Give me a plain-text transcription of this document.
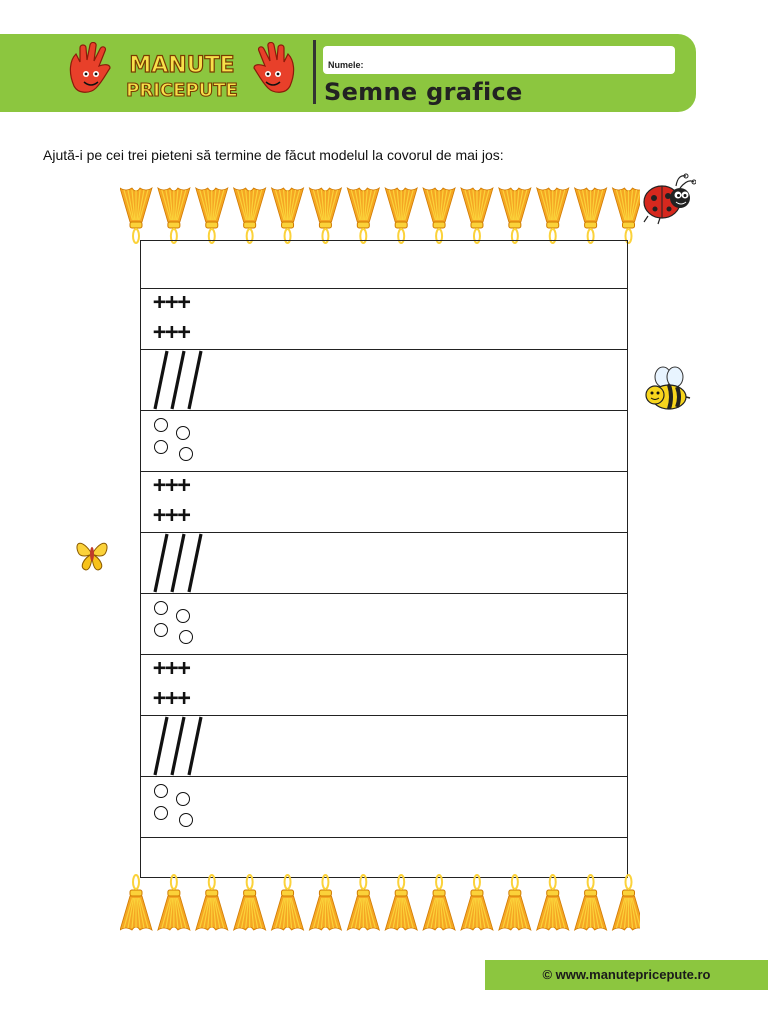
MANUTE
PRICEPUTE
Numele:
Semne grafice
Ajută-i pe cei trei pieteni să termine de făcut modelul la covorul de mai jos:
+++
+++
+++
+++
+++
+++
© www.manutepricepute.ro
